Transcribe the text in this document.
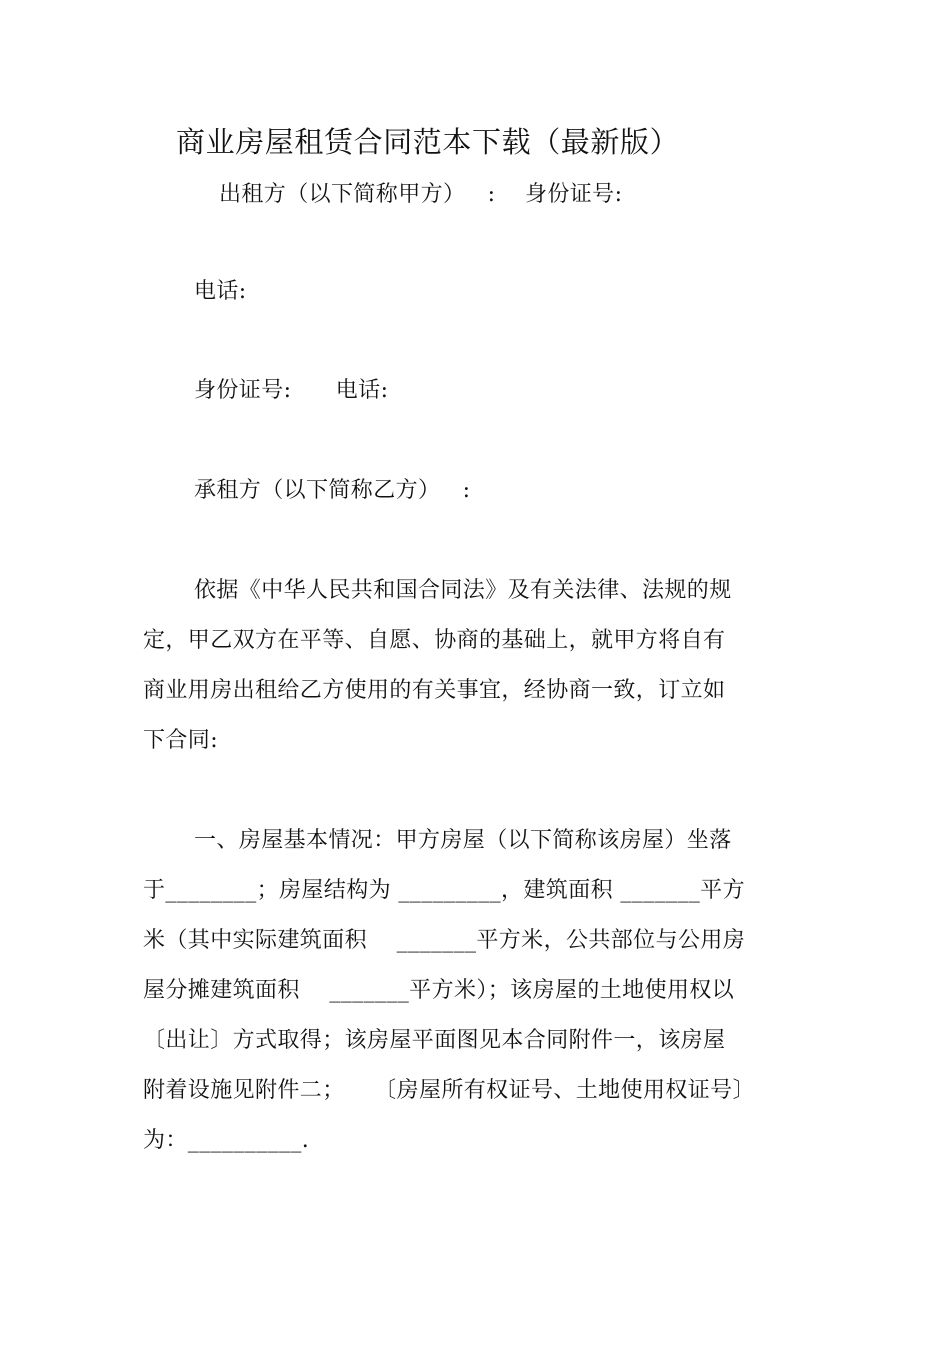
商业房屋租赁合同范本下载（最新版）
出租方（以下简称甲方）   :    身份证号:
电话:
身份证号:      电话:
承租方（以下简称乙方）   :
依据《中华人民共和国合同法》及有关法律、法规的规
定，甲乙双方在平等、自愿、协商的基础上，就甲方将自有
商业用房出租给乙方使用的有关事宜，经协商一致，订立如
下合同:
一、房屋基本情况：甲方房屋（以下简称该房屋）坐落
于________；房屋结构为 _________，建筑面积 _______平方
米（其中实际建筑面积    _______平方米，公共部位与公用房
屋分摊建筑面积    _______平方米）；该房屋的土地使用权以
〔出让〕方式取得；该房屋平面图见本合同附件一，该房屋
附着设施见附件二；    〔房屋所有权证号、土地使用权证号〕
为：__________.
